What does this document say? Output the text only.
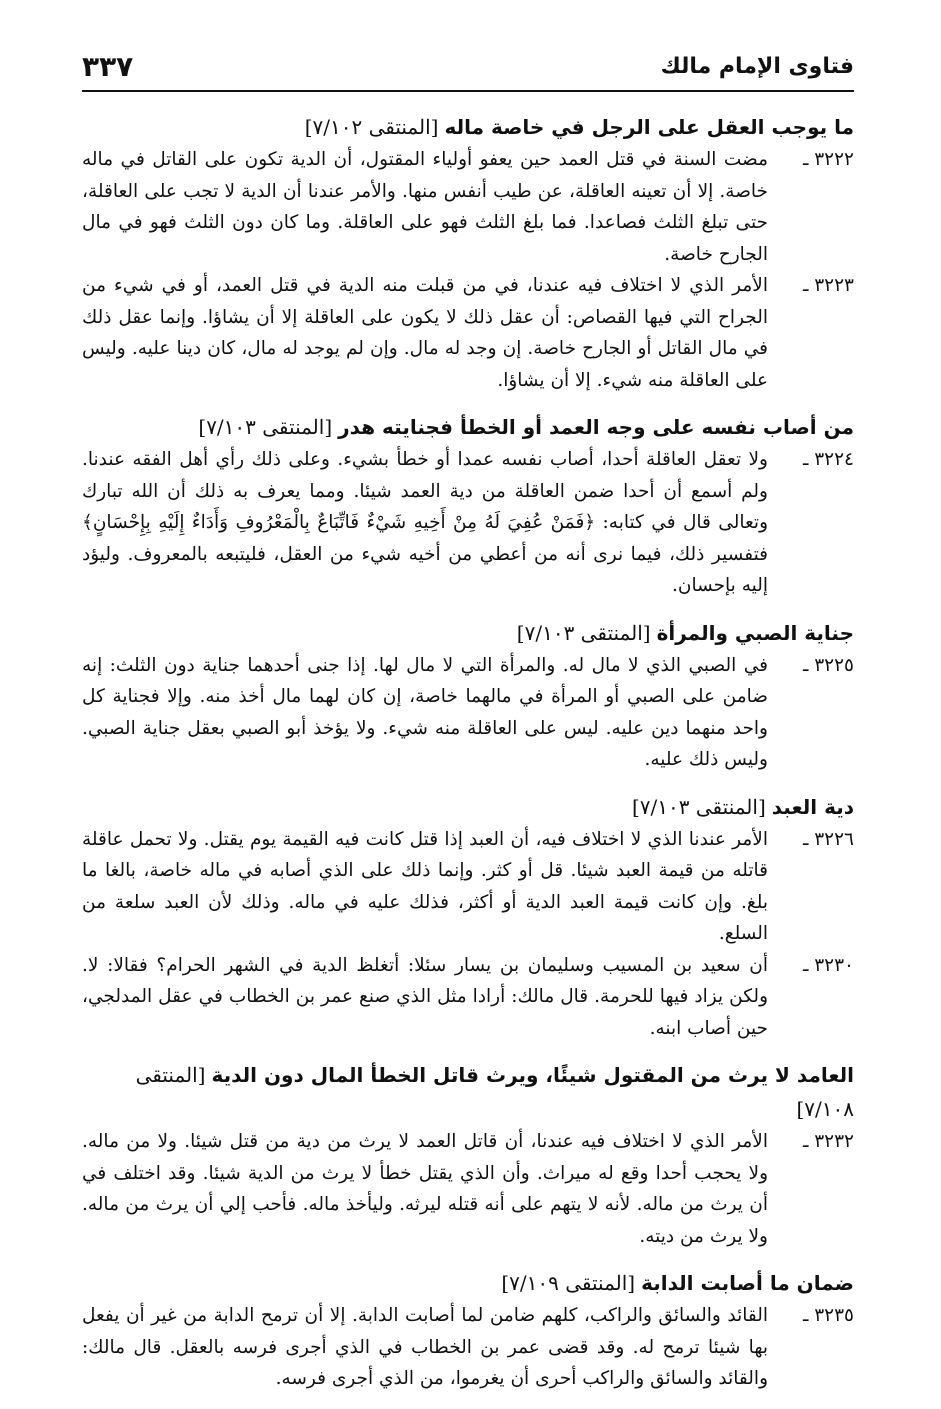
فتاوى الإمام مالك
٣٣٧
ما يوجب العقل على الرجل في خاصة ماله[المنتقى ٧/١٠٢]

٣٢٢٢ ـ
مضت السنة في قتل العمد حين يعفو أولياء المقتول، أن الدية تكون على القاتل في ماله خاصة. إلا أن تعينه العاقلة، عن طيب أنفس منها. والأمر عندنا أن الدية لا تجب على العاقلة، حتى تبلغ الثلث فصاعدا. فما بلغ الثلث فهو على العاقلة. وما كان دون الثلث فهو في مال الجارح خاصة.

٣٢٢٣ ـ
الأمر الذي لا اختلاف فيه عندنا، في من قبلت منه الدية في قتل العمد، أو في شيء من الجراح التي فيها القصاص: أن عقل ذلك لا يكون على العاقلة إلا أن يشاؤا. وإنما عقل ذلك في مال القاتل أو الجارح خاصة. إن وجد له مال. وإن لم يوجد له مال، كان دينا عليه. وليس على العاقلة منه شيء. إلا أن يشاؤا.

من أصاب نفسه على وجه العمد أو الخطأ فجنايته هدر[المنتقى ٧/١٠٣]

٣٢٢٤ ـ
ولا تعقل العاقلة أحدا، أصاب نفسه عمدا أو خطأ بشيء. وعلى ذلك رأي أهل الفقه عندنا. ولم أسمع أن أحدا ضمن العاقلة من دية العمد شيئا. ومما يعرف به ذلك أن الله تبارك وتعالى قال في كتابه: ﴿فَمَنْ عُفِيَ لَهُ مِنْ أَخِيهِ شَيْءٌ فَاتِّبَاعٌ بِالْمَعْرُوفِ وَأَدَاءٌ إِلَيْهِ بِإِحْسَانٍ﴾ فتفسير ذلك، فيما نرى أنه من أعطي من أخيه شيء من العقل، فليتبعه بالمعروف. وليؤد إليه بإحسان.

جناية الصبي والمرأة[المنتقى ٧/١٠٣]

٣٢٢٥ ـ
في الصبي الذي لا مال له. والمرأة التي لا مال لها. إذا جنى أحدهما جناية دون الثلث: إنه ضامن على الصبي أو المرأة في مالهما خاصة، إن كان لهما مال أخذ منه. وإلا فجناية كل واحد منهما دين عليه. ليس على العاقلة منه شيء. ولا يؤخذ أبو الصبي بعقل جناية الصبي. وليس ذلك عليه.

دية العبد[المنتقى ٧/١٠٣]

٣٢٢٦ ـ
الأمر عندنا الذي لا اختلاف فيه، أن العبد إذا قتل كانت فيه القيمة يوم يقتل. ولا تحمل عاقلة قاتله من قيمة العبد شيئا. قل أو كثر. وإنما ذلك على الذي أصابه في ماله خاصة، بالغا ما بلغ. وإن كانت قيمة العبد الدية أو أكثر، فذلك عليه في ماله. وذلك لأن العبد سلعة من السلع.

٣٢٣٠ ـ
أن سعيد بن المسيب وسليمان بن يسار سئلا: أتغلظ الدية في الشهر الحرام؟ فقالا: لا. ولكن يزاد فيها للحرمة. قال مالك: أرادا مثل الذي صنع عمر بن الخطاب في عقل المدلجي، حين أصاب ابنه.

العامد لا يرث من المقتول شيئًا، ويرث قاتل الخطأ المال دون الدية[المنتقى ٧/١٠٨]

٣٢٣٢ ـ
الأمر الذي لا اختلاف فيه عندنا، أن قاتل العمد لا يرث من دية من قتل شيئا. ولا من ماله. ولا يحجب أحدا وقع له ميراث. وأن الذي يقتل خطأ لا يرث من الدية شيئا. وقد اختلف في أن يرث من ماله. لأنه لا يتهم على أنه قتله ليرثه. وليأخذ ماله. فأحب إلي أن يرث من ماله. ولا يرث من ديته.

ضمان ما أصابت الدابة[المنتقى ٧/١٠٩]

٣٢٣٥ ـ
القائد والسائق والراكب، كلهم ضامن لما أصابت الدابة. إلا أن ترمح الدابة من غير أن يفعل بها شيئا ترمح له. وقد قضى عمر بن الخطاب في الذي أجرى فرسه بالعقل. قال مالك: والقائد والسائق والراكب أحرى أن يغرموا، من الذي أجرى فرسه.
